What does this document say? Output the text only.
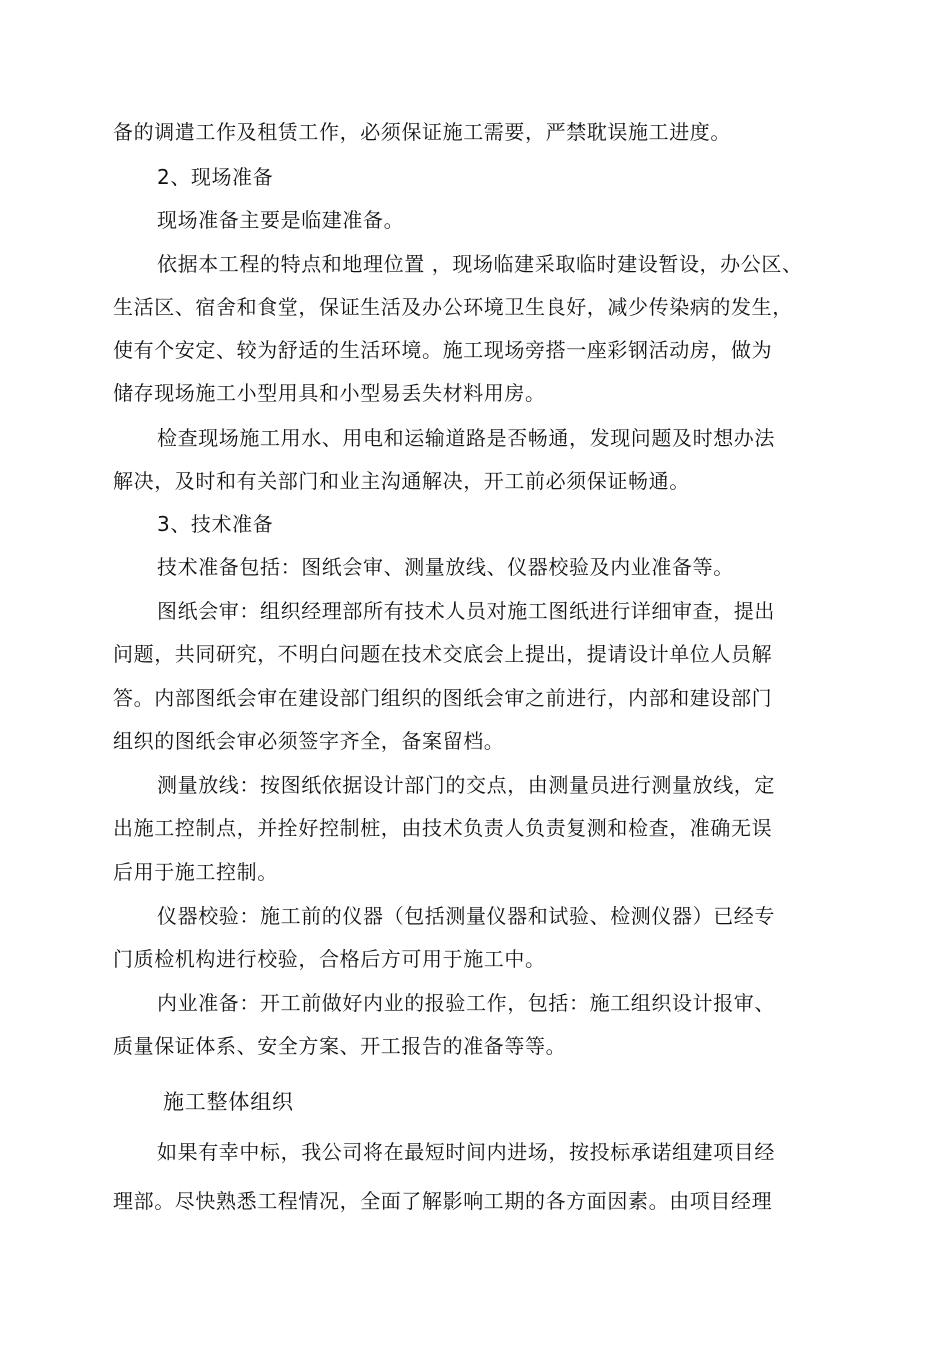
备的调遣工作及租赁工作，必须保证施工需要，严禁耽误施工进度。
2、现场准备
现场准备主要是临建准备。
依据本工程的特点和地理位置 ，现场临建采取临时建设暂设，办公区、
生活区、宿舍和食堂，保证生活及办公环境卫生良好，减少传染病的发生，
使有个安定、较为舒适的生活环境。施工现场旁搭一座彩钢活动房，做为
储存现场施工小型用具和小型易丢失材料用房。
检查现场施工用水、用电和运输道路是否畅通，发现问题及时想办法
解决，及时和有关部门和业主沟通解决，开工前必须保证畅通。
3、技术准备
技术准备包括：图纸会审、测量放线、仪器校验及内业准备等。
图纸会审：组织经理部所有技术人员对施工图纸进行详细审查，提出
问题，共同研究，不明白问题在技术交底会上提出，提请设计单位人员解
答。内部图纸会审在建设部门组织的图纸会审之前进行，内部和建设部门
组织的图纸会审必须签字齐全，备案留档。
测量放线：按图纸依据设计部门的交点，由测量员进行测量放线，定
出施工控制点，并拴好控制桩，由技术负责人负责复测和检查，准确无误
后用于施工控制。
仪器校验：施工前的仪器（包括测量仪器和试验、检测仪器）已经专
门质检机构进行校验，合格后方可用于施工中。
内业准备：开工前做好内业的报验工作，包括：施工组织设计报审、
质量保证体系、安全方案、开工报告的准备等等。
施工整体组织
如果有幸中标，我公司将在最短时间内进场，按投标承诺组建项目经
理部。尽快熟悉工程情况，全面了解影响工期的各方面因素。由项目经理
